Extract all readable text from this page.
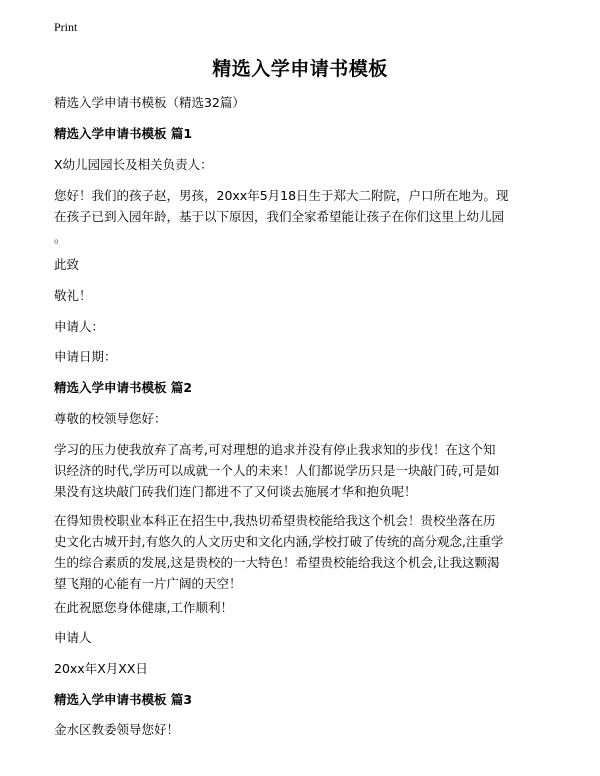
Print
精选入学申请书模板
精选入学申请书模板（精选32篇）
精选入学申请书模板 篇1
X幼儿园园长及相关负责人：
您好！我们的孩子赵，男孩，20xx年5月18日生于郑大二附院，户口所在地为。现
在孩子已到入园年龄，基于以下原因，我们全家希望能让孩子在你们这里上幼儿园
。
此致
敬礼！
申请人：
申请日期：
精选入学申请书模板 篇2
尊敬的校领导您好：
学习的压力使我放弃了高考,可对理想的追求并没有停止我求知的步伐！在这个知
识经济的时代,学历可以成就一个人的未来！人们都说学历只是一块敲门砖,可是如
果没有这块敲门砖我们连门都进不了又何谈去施展才华和抱负呢！
在得知贵校职业本科正在招生中,我热切希望贵校能给我这个机会！贵校坐落在历
史文化古城开封,有悠久的人文历史和文化内涵,学校打破了传统的高分观念,注重学
生的综合素质的发展,这是贵校的一大特色！希望贵校能给我这个机会,让我这颗渴
望飞翔的心能有一片广阔的天空！
在此祝愿您身体健康,工作顺利！
申请人
20xx年X月XX日
精选入学申请书模板 篇3
金水区教委领导您好！
